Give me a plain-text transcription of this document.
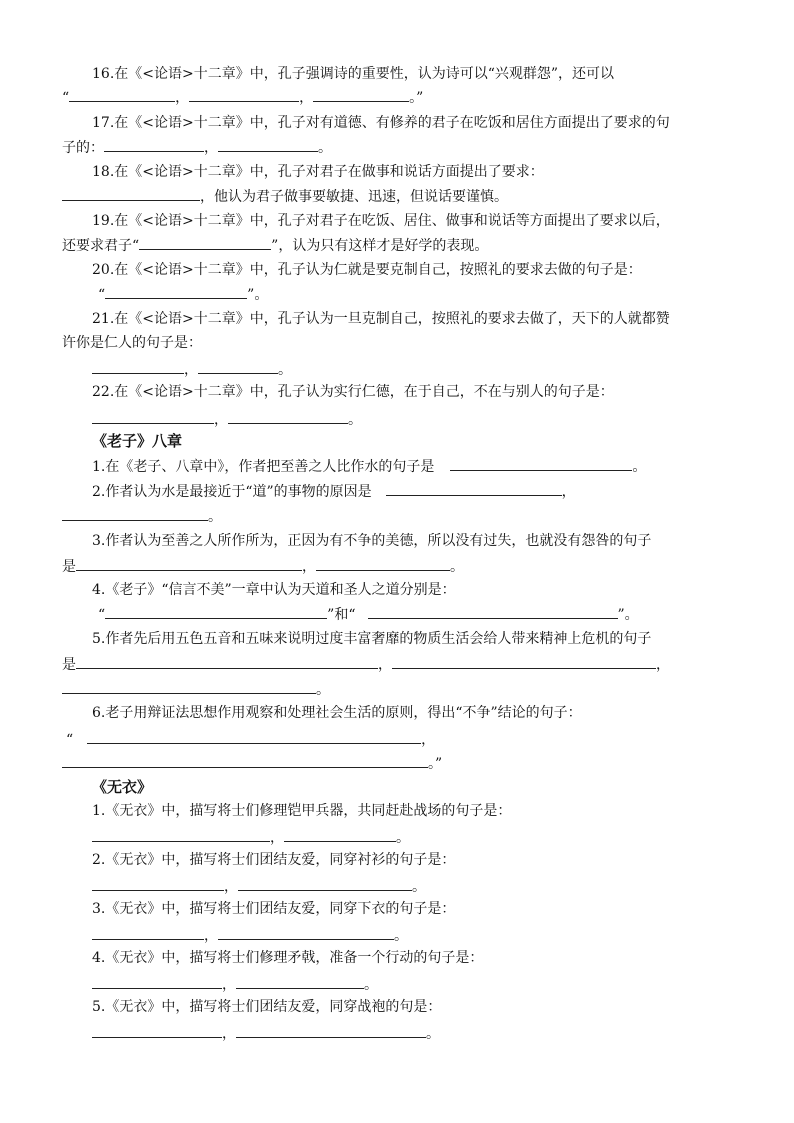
16.在《<论语>十二章》中，孔子强调诗的重要性，认为诗可以“兴观群怨”，还可以
“	，	，	。”
17.在《<论语>十二章》中，孔子对有道德、有修养的君子在吃饭和居住方面提出了要求的句
子的：	，	。
18.在《<论语>十二章》中，孔子对君子在做事和说话方面提出了要求：
，他认为君子做事要敏捷、迅速，但说话要谨慎。
19.在《<论语>十二章》中，孔子对君子在吃饭、居住、做事和说话等方面提出了要求以后，
还要求君子“	”，认为只有这样才是好学的表现。
20.在《<论语>十二章》中，孔子认为仁就是要克制自己，按照礼的要求去做的句子是：
“	”。
21.在《<论语>十二章》中，孔子认为一旦克制自己，按照礼的要求去做了，天下的人就都赞
许你是仁人的句子是：
，	。
22.在《<论语>十二章》中，孔子认为实行仁德，在于自己，不在与别人的句子是：
，	。
《老子》八章
1.在《老子、八章中》，作者把至善之人比作水的句子是	。
2.作者认为水是最接近于“道”的事物的原因是	，
。
3.作者认为至善之人所作所为，正因为有不争的美德，所以没有过失，也就没有怨咎的句子
是	，	。
4.《老子》“信言不美”一章中认为天道和圣人之道分别是：
“	”和“	”。
5.作者先后用五色五音和五味来说明过度丰富奢靡的物质生活会给人带来精神上危机的句子
是	，	，
。
6.老子用辩证法思想作用观察和处理社会生活的原则，得出“不争”结论的句子：
“	，
。”
《无衣》
1.《无衣》中，描写将士们修理铠甲兵器，共同赶赴战场的句子是：
，	。
2.《无衣》中，描写将士们团结友爱，同穿衬衫的句子是：
，	。
3.《无衣》中，描写将士们团结友爱，同穿下衣的句子是：
，	。
4.《无衣》中，描写将士们修理矛戟，准备一个行动的句子是：
，	。
5.《无衣》中，描写将士们团结友爱，同穿战袍的句是：
，	。
